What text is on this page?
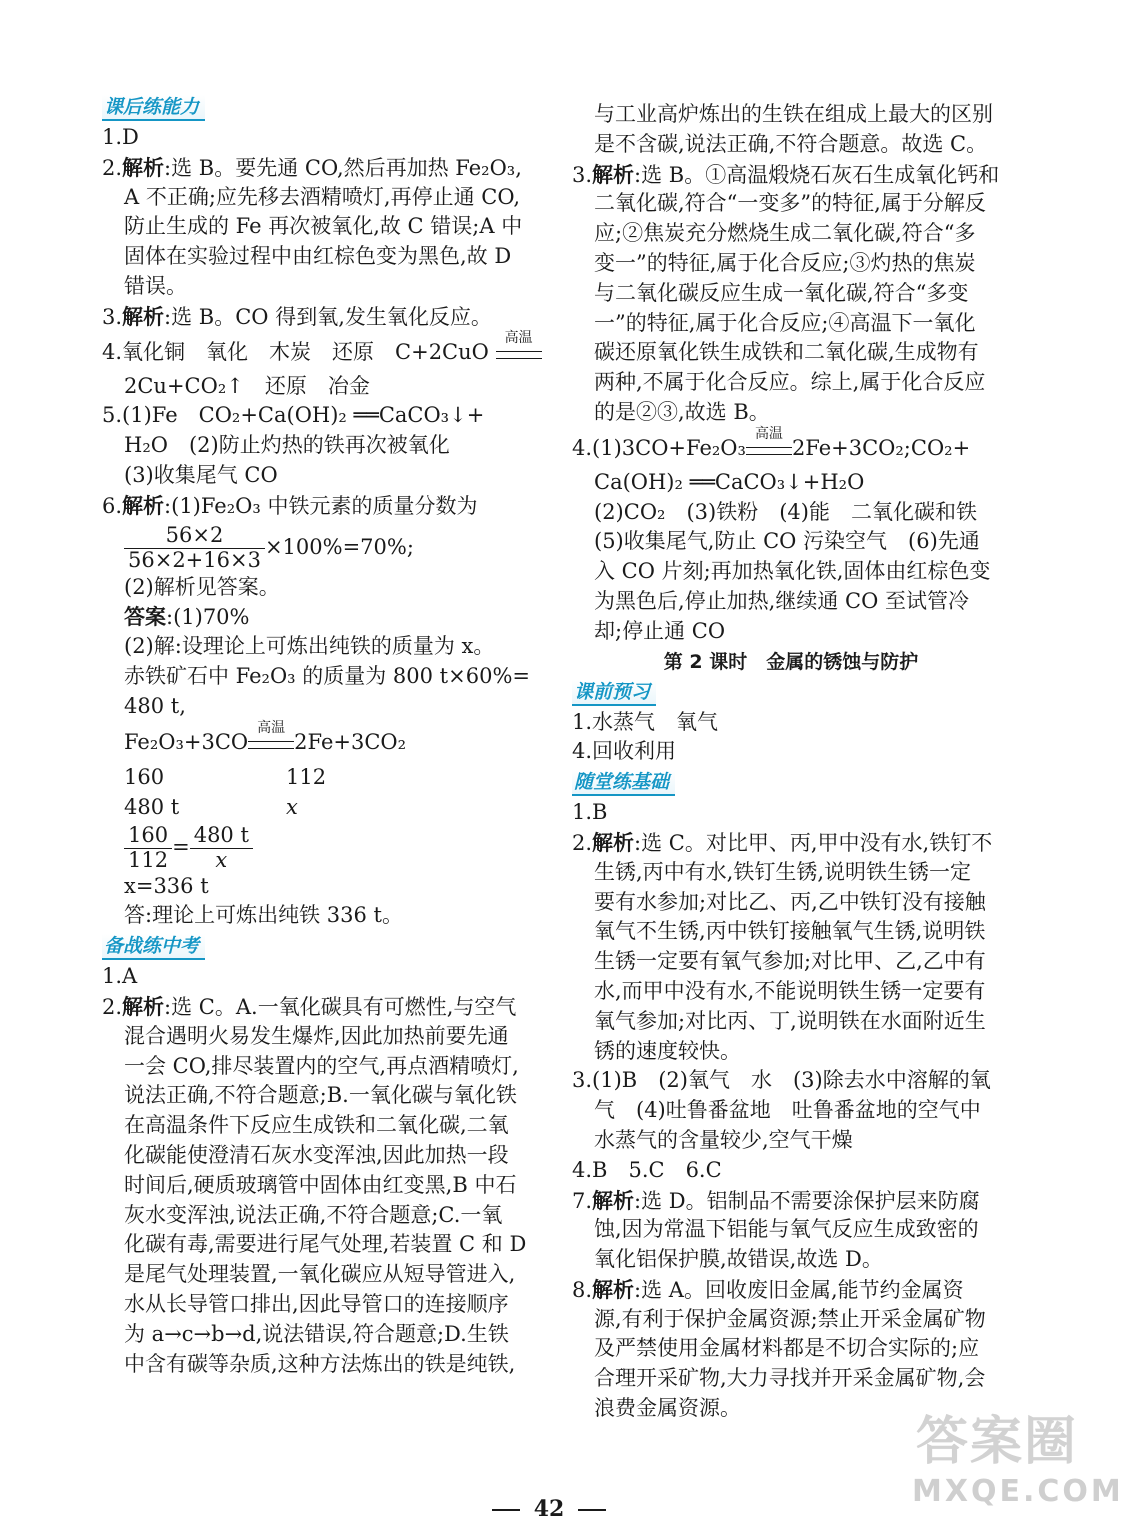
课后练能力
1.D
2.解析:选 B。要先通 CO,然后再加热 Fe₂O₃,
A 不正确;应先移去酒精喷灯,再停止通 CO,
防止生成的 Fe 再次被氧化,故 C 错误;A 中
固体在实验过程中由红棕色变为黑色,故 D
错误。
3.解析:选 B。CO 得到氧,发生氧化反应。
4.氧化铜　氧化　木炭　还原　C+2CuO
高温
2Cu+CO₂↑　还原　冶金
5.(1)Fe　CO₂+Ca(OH)₂ ══CaCO₃↓+
H₂O　(2)防止灼热的铁再次被氧化
(3)收集尾气 CO
6.解析:(1)Fe₂O₃ 中铁元素的质量分数为
$\frac{56\times 2}{56\times 2+16\times 3} \times 100\%=70\%$;
(2)解析见答案。
答案:(1)70%
(2)解:设理论上可炼出纯铁的质量为 x。
赤铁矿石中 Fe₂O₃ 的质量为 800 t×60%=
480 t,
Fe₂O₃+3CO
高温
2Fe+3CO₂
160	112
480 t	x
$\frac{160}{112} = \frac{480 t}{x}$
x=336 t
答:理论上可炼出纯铁 336 t。
备战练中考
1.A
2.解析:选 C。A.一氧化碳具有可燃性,与空气
混合遇明火易发生爆炸,因此加热前要先通
一会 CO,排尽装置内的空气,再点酒精喷灯,
说法正确,不符合题意;B.一氧化碳与氧化铁
在高温条件下反应生成铁和二氧化碳,二氧
化碳能使澄清石灰水变浑浊,因此加热一段
时间后,硬质玻璃管中固体由红变黑,B 中石
灰水变浑浊,说法正确,不符合题意;C.一氧
化碳有毒,需要进行尾气处理,若装置 C 和 D
是尾气处理装置,一氧化碳应从短导管进入,
水从长导管口排出,因此导管口的连接顺序
为 a→c→b→d,说法错误,符合题意;D.生铁
中含有碳等杂质,这种方法炼出的铁是纯铁,
与工业高炉炼出的生铁在组成上最大的区别
是不含碳,说法正确,不符合题意。故选 C。
3.解析:选 B。①高温煅烧石灰石生成氧化钙和
二氧化碳,符合“一变多”的特征,属于分解反
应;②焦炭充分燃烧生成二氧化碳,符合“多
变一”的特征,属于化合反应;③灼热的焦炭
与二氧化碳反应生成一氧化碳,符合“多变
一”的特征,属于化合反应;④高温下一氧化
碳还原氧化铁生成铁和二氧化碳,生成物有
两种,不属于化合反应。综上,属于化合反应
的是②③,故选 B。
4.(1)3CO+Fe₂O₃
高温
2Fe+3CO₂;CO₂+
Ca(OH)₂ ══CaCO₃↓+H₂O
(2)CO₂　(3)铁粉　(4)能　二氧化碳和铁
(5)收集尾气,防止 CO 污染空气　(6)先通
入 CO 片刻;再加热氧化铁,固体由红棕色变
为黑色后,停止加热,继续通 CO 至试管冷
却;停止通 CO
第 2 课时　金属的锈蚀与防护
课前预习
1.水蒸气　氧气
4.回收利用
随堂练基础
1.B
2.解析:选 C。对比甲、丙,甲中没有水,铁钉不
生锈,丙中有水,铁钉生锈,说明铁生锈一定
要有水参加;对比乙、丙,乙中铁钉没有接触
氧气不生锈,丙中铁钉接触氧气生锈,说明铁
生锈一定要有氧气参加;对比甲、乙,乙中有
水,而甲中没有水,不能说明铁生锈一定要有
氧气参加;对比丙、丁,说明铁在水面附近生
锈的速度较快。
3.(1)B　(2)氧气　水　(3)除去水中溶解的氧
气　(4)吐鲁番盆地　吐鲁番盆地的空气中
水蒸气的含量较少,空气干燥
4.B　5.C　6.C
7.解析:选 D。铝制品不需要涂保护层来防腐
蚀,因为常温下铝能与氧气反应生成致密的
氧化铝保护膜,故错误,故选 D。
8.解析:选 A。回收废旧金属,能节约金属资
源,有利于保护金属资源;禁止开采金属矿物
及严禁使用金属材料都是不切合实际的;应
合理开采矿物,大力寻找并开采金属矿物,会
浪费金属资源。
42
答案圈
MXQE.COM
